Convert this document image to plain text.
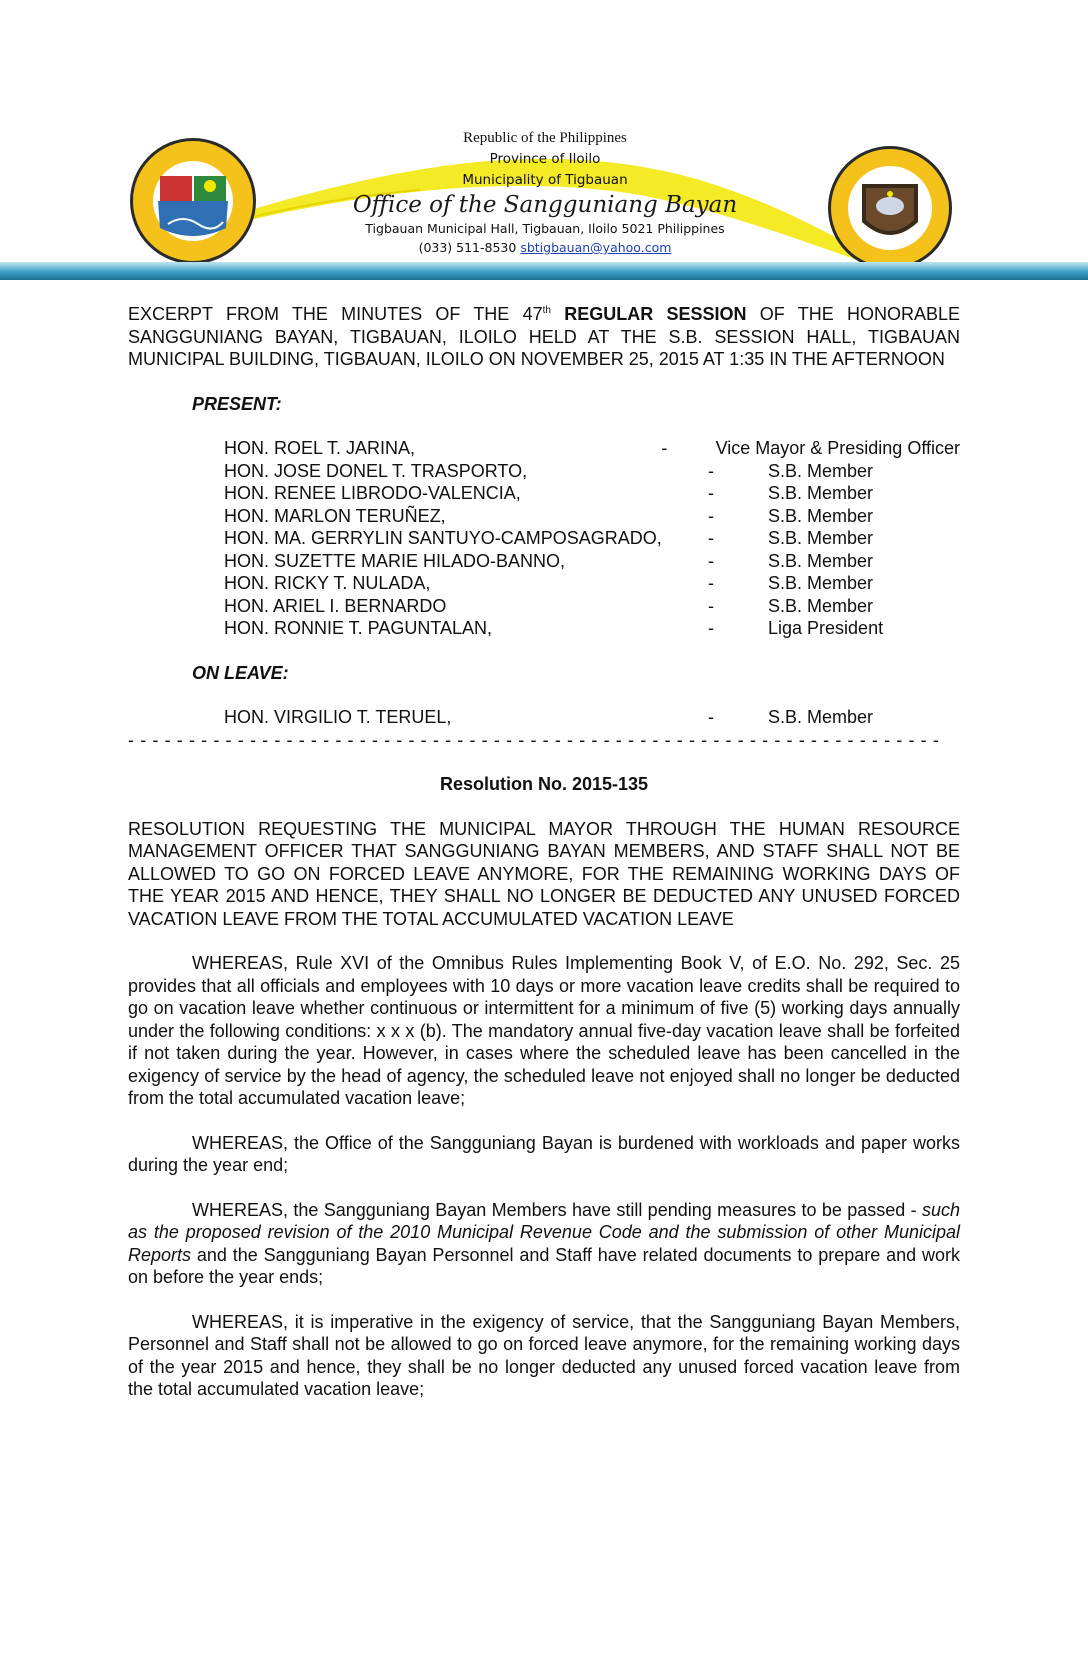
Republic of the Philippines
Province of Iloilo
Municipality of Tigbauan
Office of the Sangguniang Bayan
Tigbauan Municipal Hall, Tigbauan, Iloilo 5021 Philippines
(033) 511-8530 sbtigbauan@yahoo.com
EXCERPT FROM THE MINUTES OF THE 47th REGULAR SESSION OF THE HONORABLE SANGGUNIANG BAYAN, TIGBAUAN, ILOILO HELD AT THE S.B. SESSION HALL, TIGBAUAN MUNICIPAL BUILDING, TIGBAUAN, ILOILO ON NOVEMBER 25, 2015 AT 1:35 IN THE AFTERNOON
PRESENT:
HON. ROEL T. JARINA,	-	Vice Mayor & Presiding Officer
HON. JOSE DONEL T. TRASPORTO,	-	S.B. Member
HON. RENEE LIBRODO-VALENCIA,	-	S.B. Member
HON. MARLON TERUÑEZ,	-	S.B. Member
HON. MA. GERRYLIN SANTUYO-CAMPOSAGRADO,	-	S.B. Member
HON. SUZETTE MARIE HILADO-BANNO,	-	S.B. Member
HON. RICKY T. NULADA,	-	S.B. Member
HON. ARIEL I. BERNARDO	-	S.B. Member
HON. RONNIE T. PAGUNTALAN,	-	Liga President
ON LEAVE:
HON. VIRGILIO T. TERUEL,	-	S.B. Member
- - - - - - - - - - - - - - - - - - - - - - - - - - - - - - - - - - - - - - - - - - - - - - - - - - - - - - - - - - - - - - - - - - -
Resolution No. 2015-135
RESOLUTION REQUESTING THE MUNICIPAL MAYOR THROUGH THE HUMAN RESOURCE MANAGEMENT OFFICER THAT SANGGUNIANG BAYAN MEMBERS, AND STAFF SHALL NOT BE ALLOWED TO GO ON FORCED LEAVE ANYMORE, FOR THE REMAINING WORKING DAYS OF THE YEAR 2015 AND HENCE, THEY SHALL NO LONGER BE DEDUCTED ANY UNUSED FORCED VACATION LEAVE FROM THE TOTAL ACCUMULATED VACATION LEAVE
WHEREAS, Rule XVI of the Omnibus Rules Implementing Book V, of E.O. No. 292, Sec. 25 provides that all officials and employees with 10 days or more vacation leave credits shall be required to go on vacation leave whether continuous or intermittent for a minimum of five (5) working days annually under the following conditions: x x x (b). The mandatory annual five-day vacation leave shall be forfeited if not taken during the year. However, in cases where the scheduled leave has been cancelled in the exigency of service by the head of agency, the scheduled leave not enjoyed shall no longer be deducted from the total accumulated vacation leave;
WHEREAS, the Office of the Sangguniang Bayan is burdened with workloads and paper works during the year end;
WHEREAS, the Sangguniang Bayan Members have still pending measures to be passed - such as the proposed revision of the 2010 Municipal Revenue Code and the submission of other Municipal Reports and the Sangguniang Bayan Personnel and Staff have related documents to prepare and work on before the year ends;
WHEREAS, it is imperative in the exigency of service, that the Sangguniang Bayan Members, Personnel and Staff shall not be allowed to go on forced leave anymore, for the remaining working days of the year 2015 and hence, they shall be no longer deducted any unused forced vacation leave from the total accumulated vacation leave;
